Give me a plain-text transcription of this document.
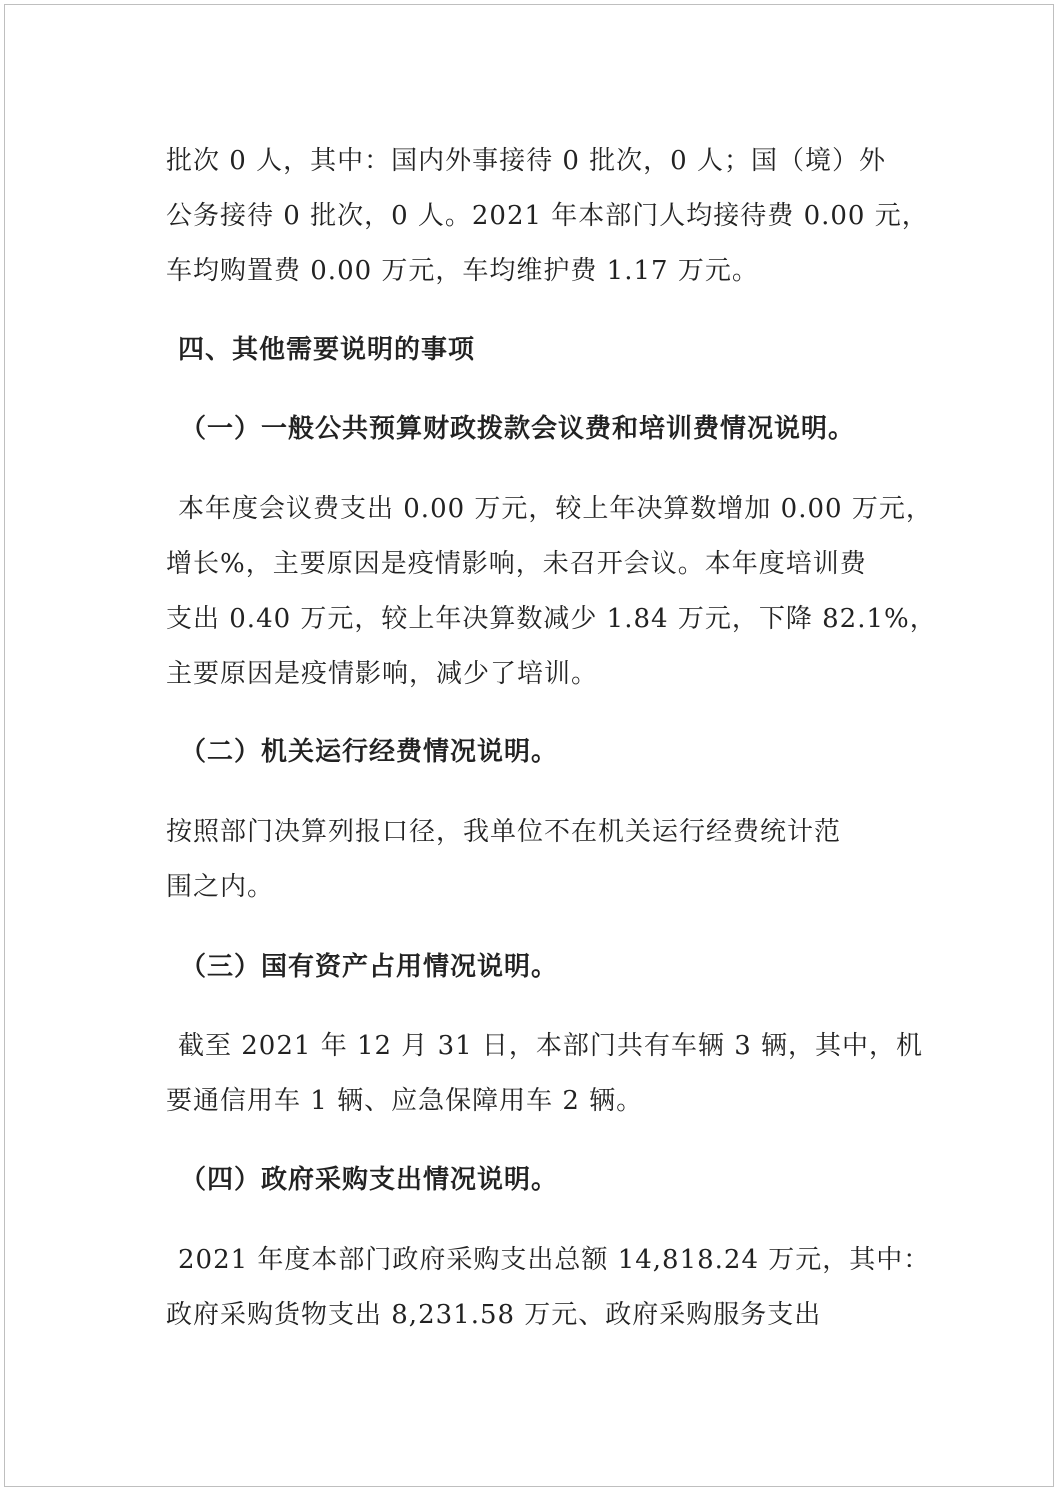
批次 0 人，其中：国内外事接待 0 批次，0 人；国（境）外
公务接待 0 批次，0 人。2021 年本部门人均接待费 0.00 元，
车均购置费 0.00 万元，车均维护费 1.17 万元。
四、其他需要说明的事项
（一）一般公共预算财政拨款会议费和培训费情况说明。
本年度会议费支出 0.00 万元，较上年决算数增加 0.00 万元，
增长%，主要原因是疫情影响，未召开会议。本年度培训费
支出 0.40 万元，较上年决算数减少 1.84 万元，下降 82.1%，
主要原因是疫情影响，减少了培训。
（二）机关运行经费情况说明。
按照部门决算列报口径，我单位不在机关运行经费统计范
围之内。
（三）国有资产占用情况说明。
截至 2021 年 12 月 31 日，本部门共有车辆 3 辆，其中，机
要通信用车 1 辆、应急保障用车 2 辆。
（四）政府采购支出情况说明。
2021 年度本部门政府采购支出总额 14,818.24 万元，其中：
政府采购货物支出 8,231.58 万元、政府采购服务支出
